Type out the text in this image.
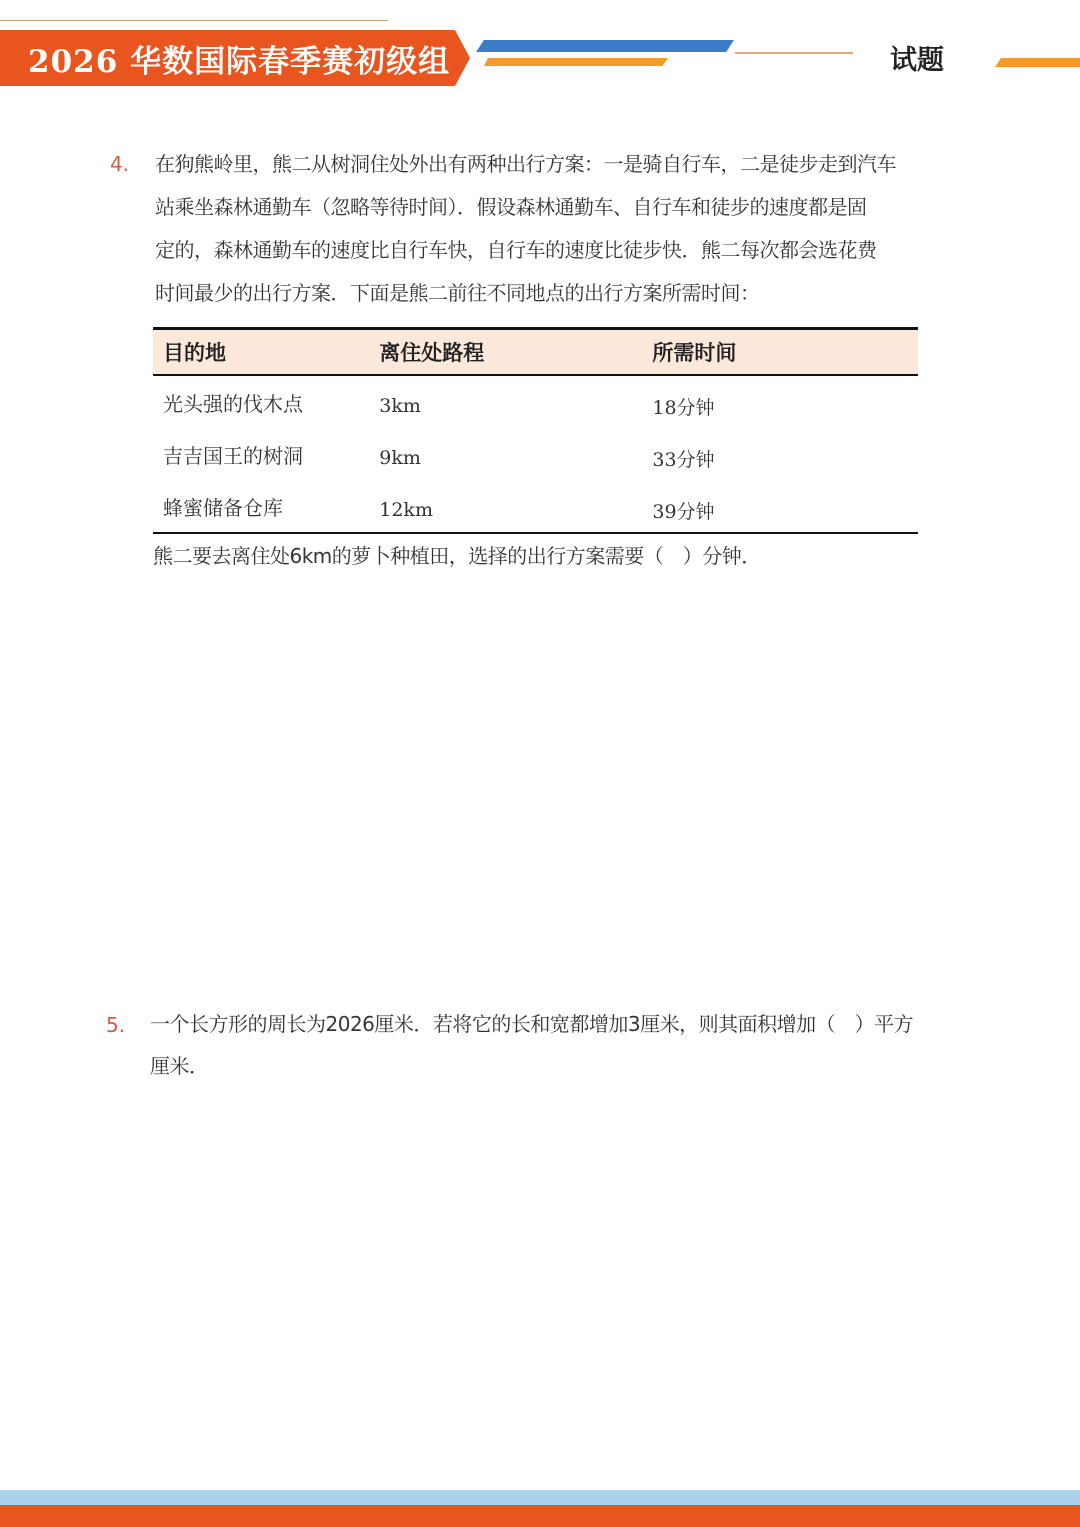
2026 华数国际春季赛初级组	试题
4. 在狗熊岭里，熊二从树洞住处外出有两种出行方案：一是骑自行车，二是徒步走到汽车

站乘坐森林通勤车（忽略等待时间）．假设森林通勤车、自行车和徒步的速度都是固

定的，森林通勤车的速度比自行车快，自行车的速度比徒步快．熊二每次都会选花费

时间最少的出行方案．下面是熊二前往不同地点的出行方案所需时间：

目的地	离住处路程	所需时间
光头强的伐木点	3km	18分钟
吉吉国王的树洞	9km	33分钟
蜂蜜储备仓库	12km	39分钟
熊二要去离住处6km的萝卜种植田，选择的出行方案需要（　）分钟．
5. 一个长方形的周长为2026厘米．若将它的长和宽都增加3厘米，则其面积增加（　）平方

厘米．
